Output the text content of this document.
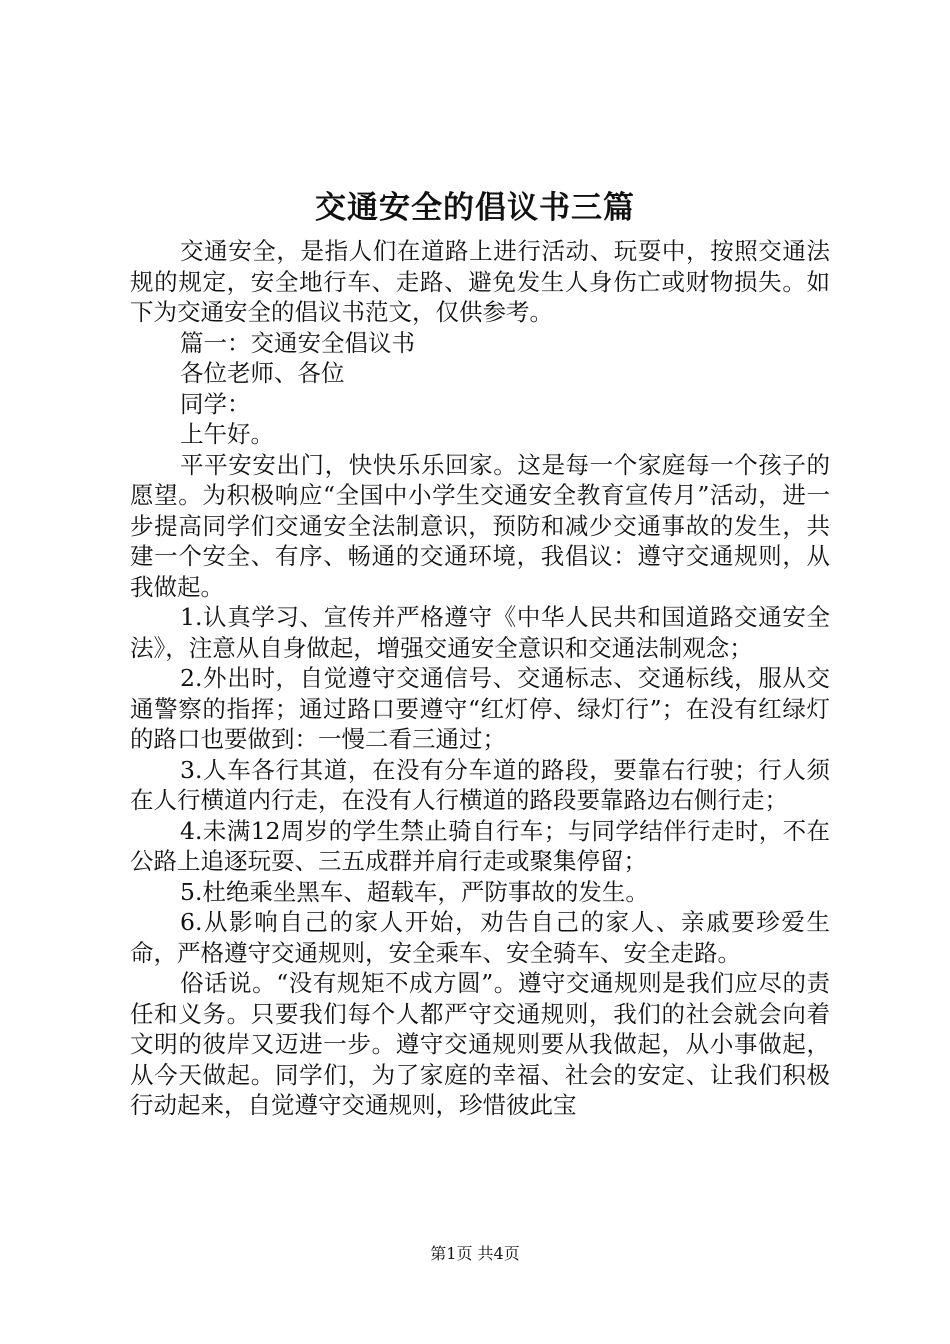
交通安全的倡议书三篇

交通安全，是指人们在道路上进行活动、玩耍中，按照交通法规的规定，安全地行车、走路、避免发生人身伤亡或财物损失。如下为交通安全的倡议书范文，仅供参考。

篇一：交通安全倡议书

各位老师、各位

同学：

上午好。

平平安安出门，快快乐乐回家。这是每一个家庭每一个孩子的愿望。为积极响应“全国中小学生交通安全教育宣传月”活动，进一步提高同学们交通安全法制意识，预防和减少交通事故的发生，共建一个安全、有序、畅通的交通环境，我倡议：遵守交通规则，从我做起。

1.认真学习、宣传并严格遵守《中华人民共和国道路交通安全法》，注意从自身做起，增强交通安全意识和交通法制观念；

2.外出时，自觉遵守交通信号、交通标志、交通标线，服从交通警察的指挥；通过路口要遵守“红灯停、绿灯行”；在没有红绿灯的路口也要做到：一慢二看三通过；

3.人车各行其道，在没有分车道的路段，要靠右行驶；行人须在人行横道内行走，在没有人行横道的路段要靠路边右侧行走；

4.未满12周岁的学生禁止骑自行车；与同学结伴行走时，不在公路上追逐玩耍、三五成群并肩行走或聚集停留；

5.杜绝乘坐黑车、超载车，严防事故的发生。

6.从影响自己的家人开始，劝告自己的家人、亲戚要珍爱生命，严格遵守交通规则，安全乘车、安全骑车、安全走路。

俗话说。“没有规矩不成方圆”。遵守交通规则是我们应尽的责任和义务。只要我们每个人都严守交通规则，我们的社会就会向着文明的彼岸又迈进一步。遵守交通规则要从我做起，从小事做起，从今天做起。同学们，为了家庭的幸福、社会的安定、让我们积极行动起来，自觉遵守交通规则，珍惜彼此宝

第1页 共4页
